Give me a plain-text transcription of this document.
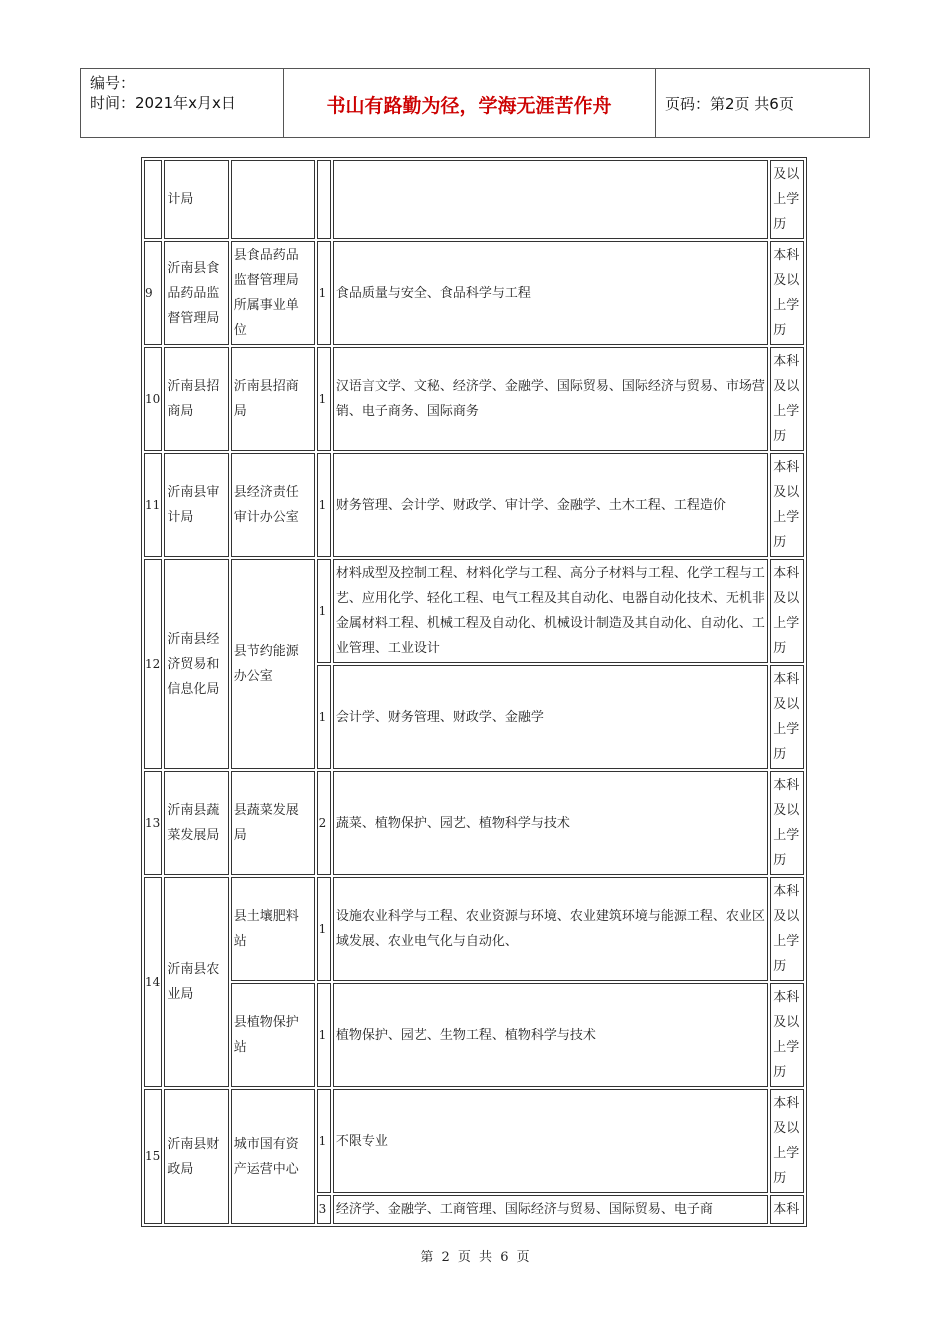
编号：
时间：2021年x月x日	书山有路勤为径，学海无涯苦作舟	页码：第2页 共6页
	计局				及以上学历
9	沂南县食品药品监督管理局	县食品药品监督管理局所属事业单位	1	食品质量与安全、食品科学与工程	本科及以上学历
10	沂南县招商局	沂南县招商局	1	汉语言文学、文秘、经济学、金融学、国际贸易、国际经济与贸易、市场营销、电子商务、国际商务	本科及以上学历
11	沂南县审计局	县经济责任审计办公室	1	财务管理、会计学、财政学、审计学、金融学、土木工程、工程造价	本科及以上学历
12	沂南县经济贸易和信息化局	县节约能源办公室	1	材料成型及控制工程、材料化学与工程、高分子材料与工程、化学工程与工艺、应用化学、轻化工程、电气工程及其自动化、电器自动化技术、无机非金属材料工程、机械工程及自动化、机械设计制造及其自动化、自动化、工业管理、工业设计	本科及以上学历
			1	会计学、财务管理、财政学、金融学	本科及以上学历
13	沂南县蔬菜发展局	县蔬菜发展局	2	蔬菜、植物保护、园艺、植物科学与技术	本科及以上学历
14	沂南县农业局	县土壤肥料站	1	设施农业科学与工程、农业资源与环境、农业建筑环境与能源工程、农业区域发展、农业电气化与自动化、	本科及以上学历
		县植物保护站	1	植物保护、园艺、生物工程、植物科学与技术	本科及以上学历
15	沂南县财政局	城市国有资产运营中心	1	不限专业	本科及以上学历
			3	经济学、金融学、工商管理、国际经济与贸易、国际贸易、电子商	本科
第 2 页 共 6 页
